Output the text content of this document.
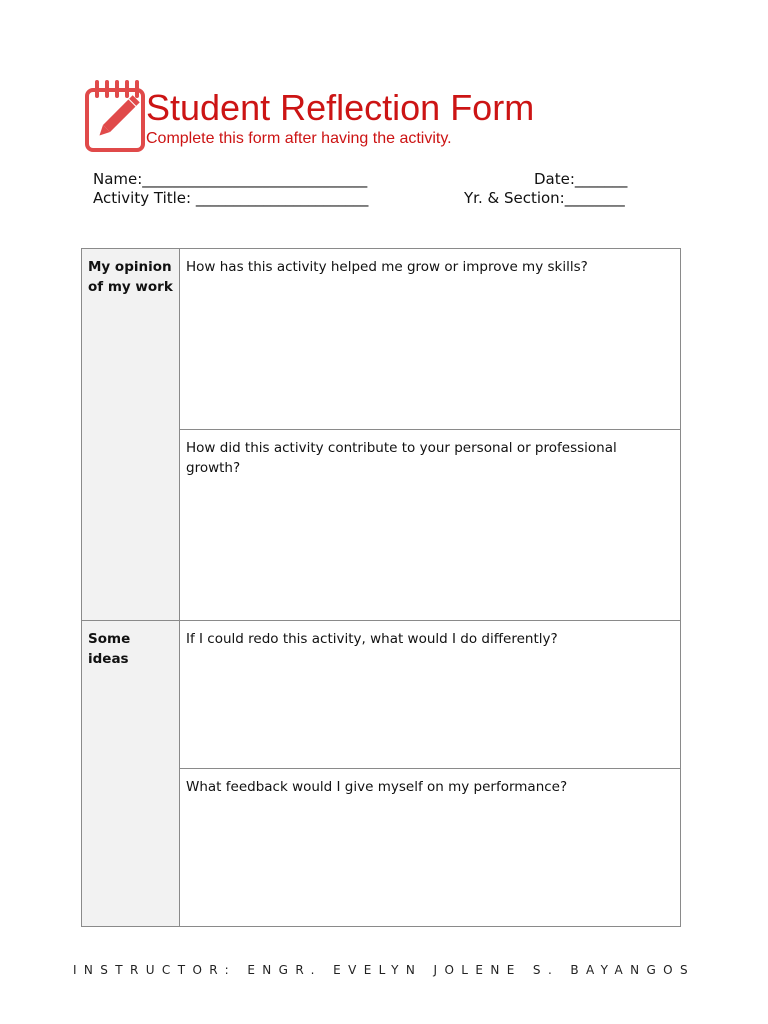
Student Reflection Form
Complete this form after having the activity.
Name:______________________________	Date:_______
Activity Title: _______________________	Yr. & Section:________
My opinion of my work	How has this activity helped me grow or improve my skills?
	How did this activity contribute to your personal or professional growth?
Some ideas	If I could redo this activity, what would I do differently?
	What feedback would I give myself on my performance?
INSTRUCTOR: ENGR. EVELYN JOLENE S. BAYANGOS
